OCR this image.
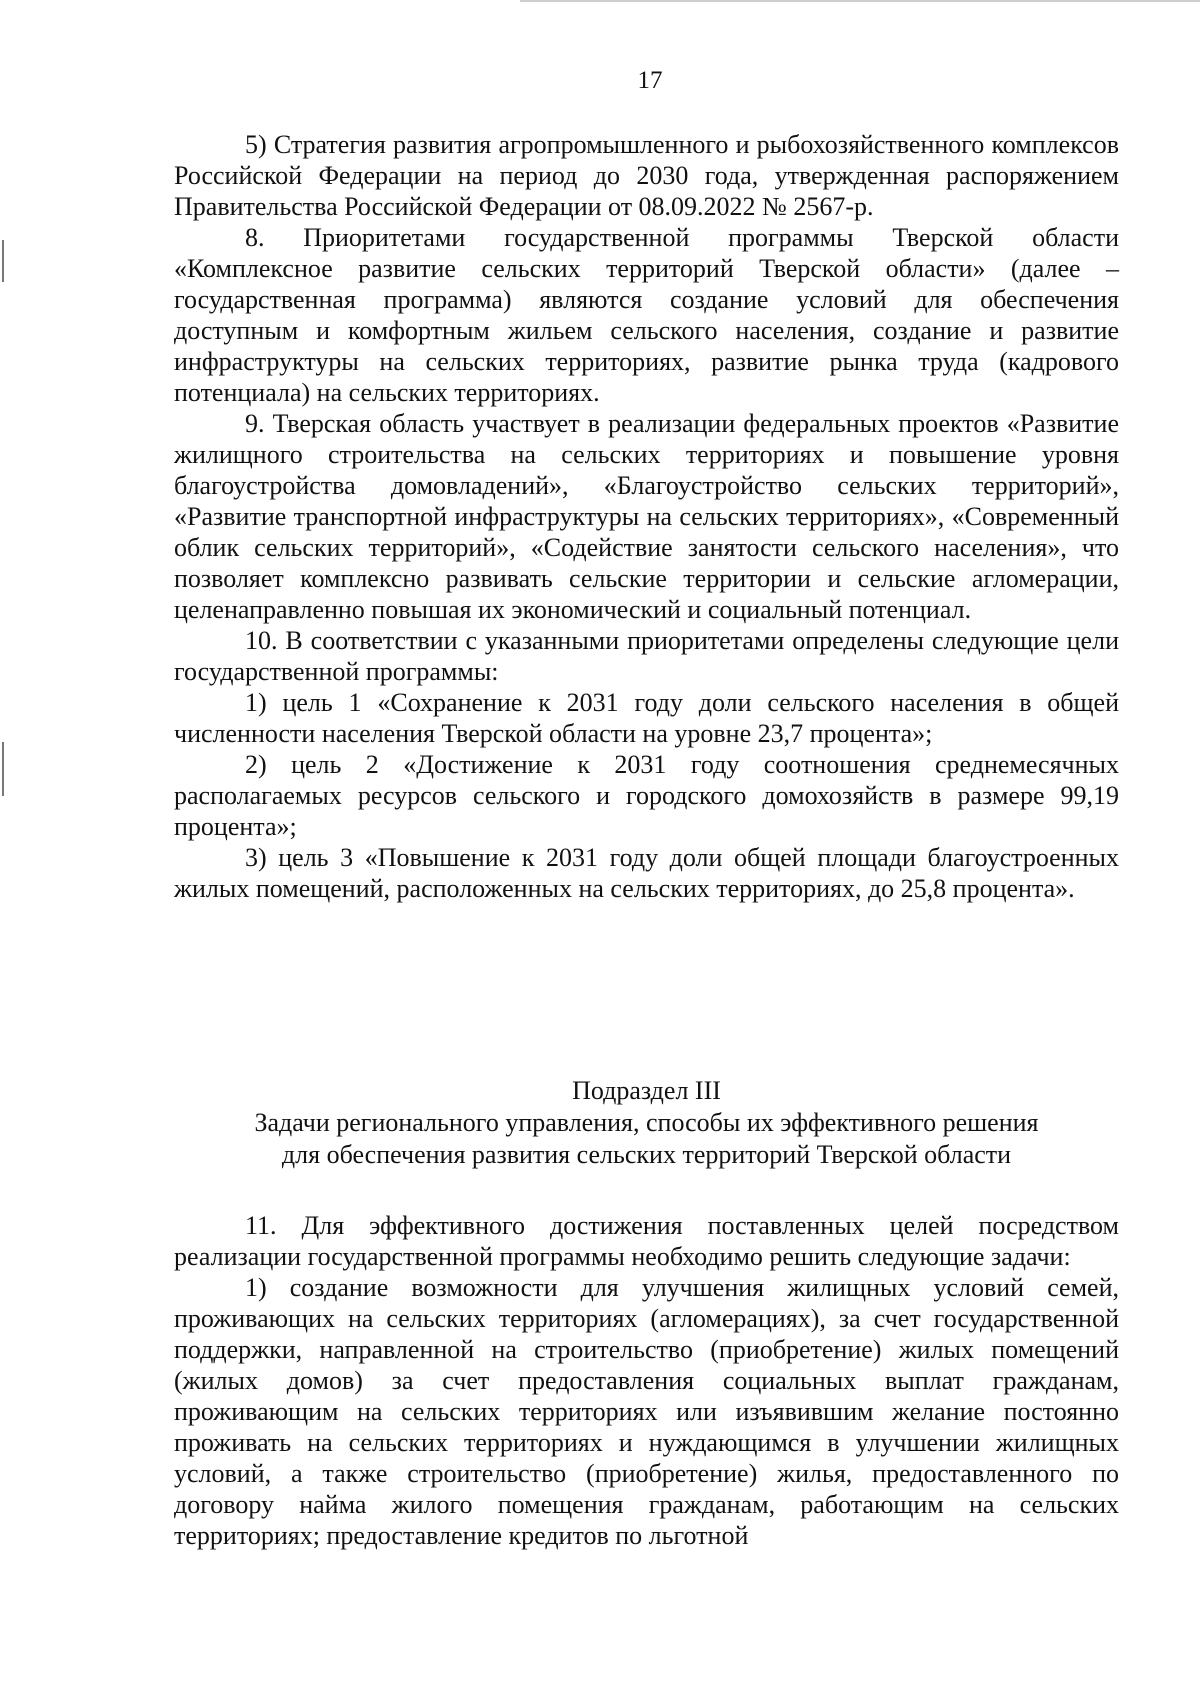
17

5) Стратегия развития агропромышленного и рыбохозяйственного комплексов Российской Федерации на период до 2030 года, утвержденная распоряжением Правительства Российской Федерации от 08.09.2022 № 2567-р.

8. Приоритетами государственной программы Тверской области «Комплексное развитие сельских территорий Тверской области» (далее – государственная программа) являются создание условий для обеспечения доступным и комфортным жильем сельского населения, создание и развитие инфраструктуры на сельских территориях, развитие рынка труда (кадрового потенциала) на сельских территориях.

9. Тверская область участвует в реализации федеральных проектов «Развитие жилищного строительства на сельских территориях и повышение уровня благоустройства домовладений», «Благоустройство сельских территорий», «Развитие транспортной инфраструктуры на сельских территориях», «Современный облик сельских территорий», «Содействие занятости сельского населения», что позволяет комплексно развивать сельские территории и сельские агломерации, целенаправленно повышая их экономический и социальный потенциал.

10. В соответствии с указанными приоритетами определены следующие цели государственной программы:

1) цель 1 «Сохранение к 2031 году доли сельского населения в общей численности населения Тверской области на уровне 23,7 процента»;

2) цель 2 «Достижение к 2031 году соотношения среднемесячных располагаемых ресурсов сельского и городского домохозяйств в размере 99,19 процента»;

3) цель 3 «Повышение к 2031 году доли общей площади благоустроенных жилых помещений, расположенных на сельских территориях, до 25,8 процента».

Подраздел III
Задачи регионального управления, способы их эффективного решения
для обеспечения развития сельских территорий Тверской области

11. Для эффективного достижения поставленных целей посредством реализации государственной программы необходимо решить следующие задачи:

1) создание возможности для улучшения жилищных условий семей, проживающих на сельских территориях (агломерациях), за счет государственной поддержки, направленной на строительство (приобретение) жилых помещений (жилых домов) за счет предоставления социальных выплат гражданам, проживающим на сельских территориях или изъявившим желание постоянно проживать на сельских территориях и нуждающимся в улучшении жилищных условий, а также строительство (приобретение) жилья, предоставленного по договору найма жилого помещения гражданам, работающим на сельских территориях; предоставление кредитов по льготной
